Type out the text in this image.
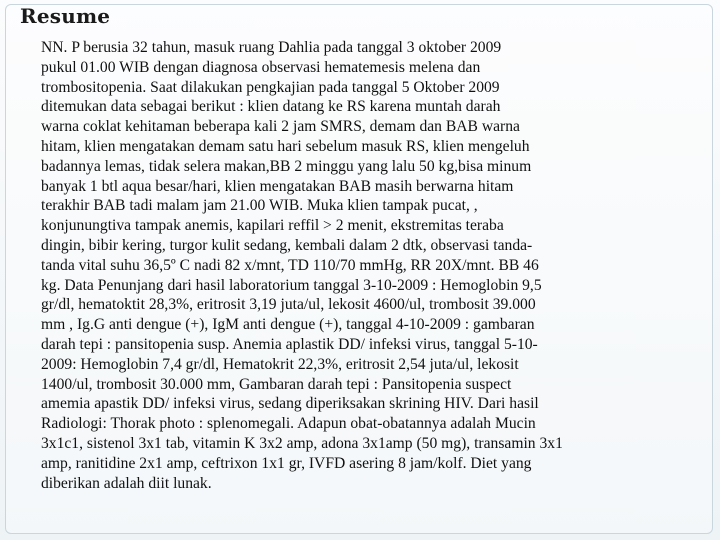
Resume

NN. P berusia 32 tahun, masuk ruang Dahlia pada tanggal 3 oktober 2009
pukul 01.00 WIB dengan diagnosa observasi hematemesis melena dan
trombositopenia. Saat dilakukan pengkajian pada tanggal 5 Oktober 2009
ditemukan data sebagai berikut : klien datang ke RS karena muntah darah
warna coklat kehitaman beberapa kali 2 jam SMRS, demam dan BAB warna
hitam, klien mengatakan demam satu hari sebelum masuk RS, klien mengeluh
badannya lemas, tidak selera makan,BB 2 minggu yang lalu 50 kg,bisa minum
banyak 1 btl aqua besar/hari, klien mengatakan BAB masih berwarna hitam
terakhir BAB tadi malam jam 21.00 WIB. Muka klien tampak pucat, ,
konjunungtiva tampak anemis, kapilari reffil > 2 menit, ekstremitas teraba
dingin, bibir kering, turgor kulit sedang, kembali dalam 2 dtk, observasi tanda-
tanda vital suhu 36,5º C nadi 82 x/mnt, TD 110/70 mmHg, RR 20X/mnt. BB 46
kg. Data Penunjang dari hasil laboratorium tanggal 3-10-2009 : Hemoglobin 9,5
gr/dl, hematoktit 28,3%, eritrosit 3,19 juta/ul, lekosit 4600/ul, trombosit 39.000
mm , Ig.G anti dengue (+), IgM anti dengue (+), tanggal 4-10-2009 : gambaran
darah tepi : pansitopenia susp. Anemia aplastik DD/ infeksi virus, tanggal 5-10-
2009: Hemoglobin 7,4 gr/dl, Hematokrit 22,3%, eritrosit 2,54 juta/ul, lekosit
1400/ul, trombosit 30.000 mm, Gambaran darah tepi : Pansitopenia suspect
amemia apastik DD/ infeksi virus, sedang diperiksakan skrining HIV. Dari hasil
Radiologi: Thorak photo : splenomegali. Adapun obat-obatannya adalah Mucin
3x1c1, sistenol 3x1 tab, vitamin K 3x2 amp, adona 3x1amp (50 mg), transamin 3x1
amp, ranitidine 2x1 amp, ceftrixon 1x1 gr, IVFD asering 8 jam/kolf. Diet yang
diberikan adalah diit lunak.
